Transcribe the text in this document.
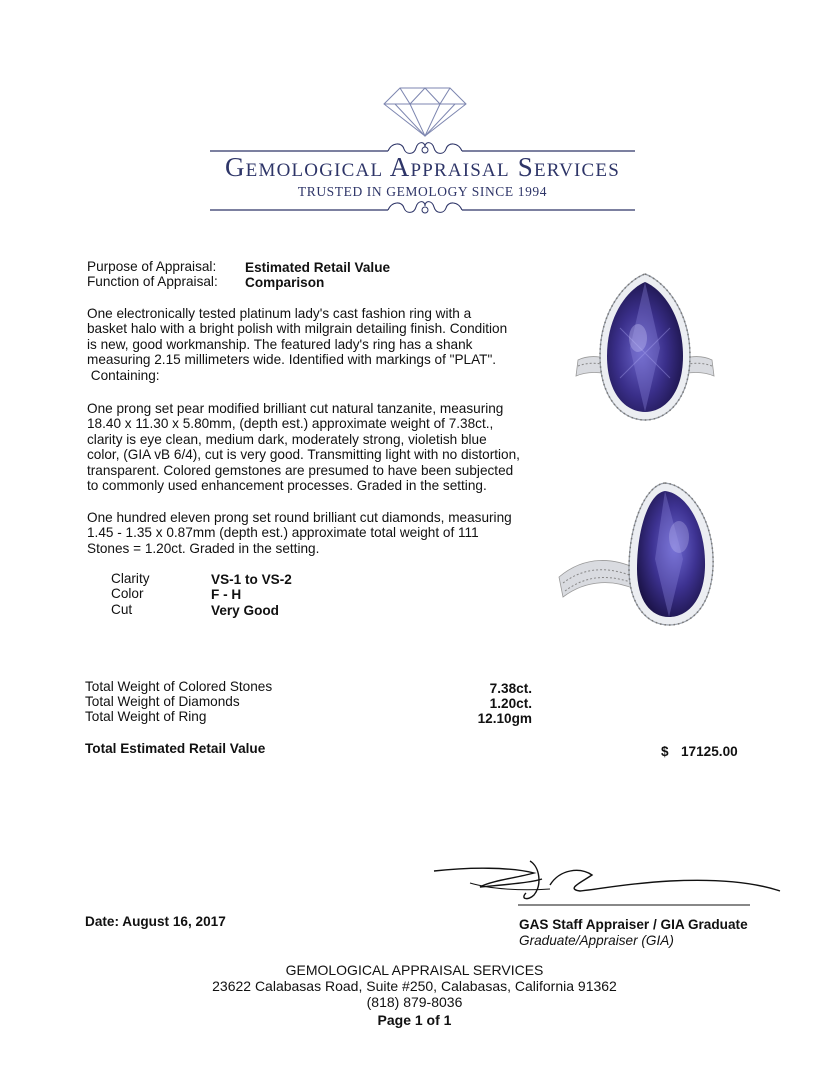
Gemological Appraisal Services
TRUSTED IN GEMOLOGY SINCE 1994
Purpose of Appraisal: Estimated Retail Value
Function of Appraisal: Comparison
One electronically tested platinum lady's cast fashion ring with a
basket halo with a bright polish with milgrain detailing finish. Condition
is new, good workmanship. The featured lady's ring has a shank
measuring 2.15 millimeters wide. Identified with markings of "PLAT".
Containing:
One prong set pear modified brilliant cut natural tanzanite, measuring
18.40 x 11.30 x 5.80mm, (depth est.) approximate weight of 7.38ct.,
clarity is eye clean, medium dark, moderately strong, violetish blue
color, (GIA vB 6/4), cut is very good. Transmitting light with no distortion,
transparent. Colored gemstones are presumed to have been subjected
to commonly used enhancement processes. Graded in the setting.
One hundred eleven prong set round brilliant cut diamonds, measuring
1.45 - 1.35 x 0.87mm (depth est.) approximate total weight of 111
Stones = 1.20ct. Graded in the setting.
Clarity	VS-1 to VS-2
Color	F - H
Cut	Very Good
Total Weight of Colored Stones	7.38ct.
Total Weight of Diamonds	1.20ct.
Total Weight of Ring	12.10gm
Total Estimated Retail Value	$ 17125.00
Date: August 16, 2017	GAS Staff Appraiser / GIA Graduate
Graduate/Appraiser (GIA)
GEMOLOGICAL APPRAISAL SERVICES
23622 Calabasas Road, Suite #250, Calabasas, California 91362
(818) 879-8036
Page 1 of 1
